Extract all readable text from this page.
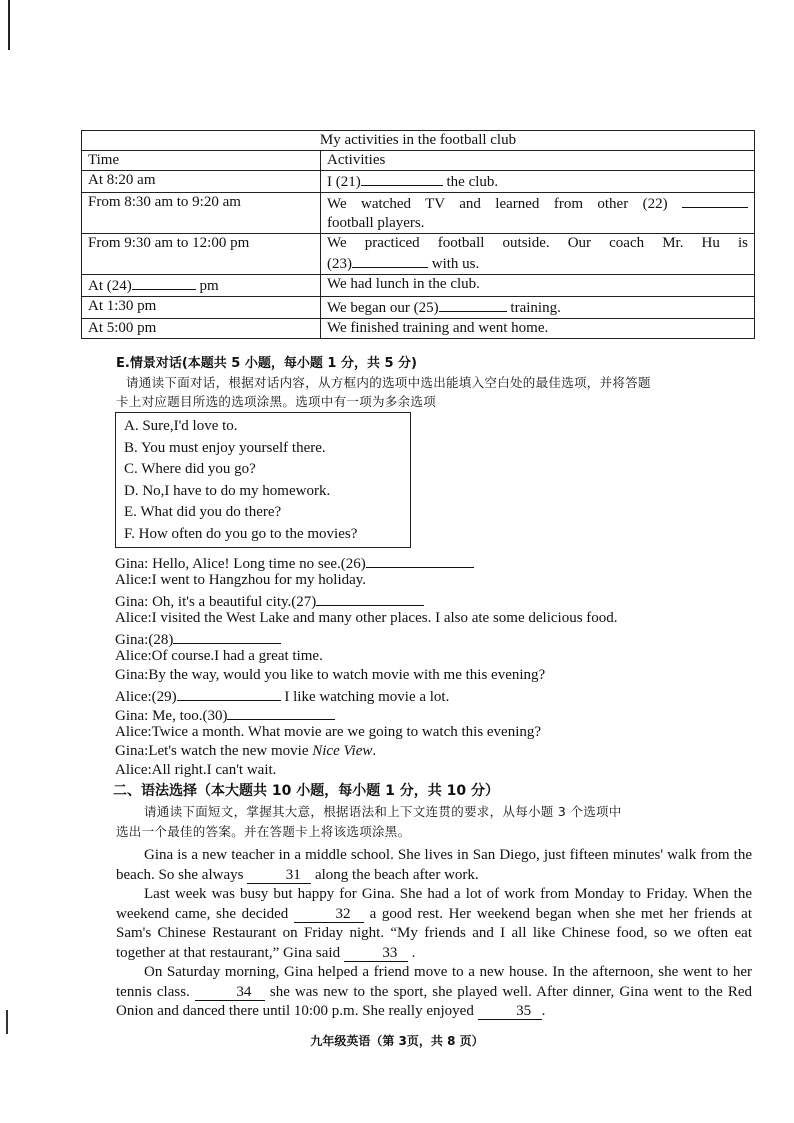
My activities in the football club	
Time	Activities
At 8:20 am	I (21) the club.
From 8:30 am to 9:20 am	We watched TV and learned from other (22)
football players.

From 9:30 am to 12:00 pm	We practiced football outside. Our coach Mr. Hu is
(23) with us.

At (24) pm	We had lunch in the club.
At 1:30 pm	We began our (25) training.
At 5:00 pm	We finished training and went home.
E.情景对话(本题共 5 小题，每小题 1 分，共 5 分)
请通读下面对话，根据对话内容，从方框内的选项中选出能填入空白处的最佳选项，并将答题
卡上对应题目所选的选项涂黑。选项中有一项为多余选项
A. Sure,I'd love to.
B. You must enjoy yourself there.
C. Where did you go?
D. No,I have to do my homework.
E. What did you do there?
F. How often do you go to the movies?
Gina: Hello, Alice! Long time no see.(26)
Alice:I went to Hangzhou for my holiday.
Gina: Oh, it's a beautiful city.(27)
Alice:I visited the West Lake and many other places. I also ate some delicious food.
Gina:(28)
Alice:Of course.I had a great time.
Gina:By the way, would you like to watch movie with me this evening?
Alice:(29)	I like watching movie a lot.
Gina: Me, too.(30)
Alice:Twice a month. What movie are we going to watch this evening?
Gina:Let's watch the new movie Nice View.
Alice:All right.I can't wait.
二、语法选择（本大题共 10 小题，每小题 1 分，共 10 分）
请通读下面短文，掌握其大意，根据语法和上下文连贯的要求，从每小题 3 个选项中
选出一个最佳的答案。并在答题卡上将该选项涂黑。
Gina is a new teacher in a middle school. She lives in San Diego, just fifteen minutes' walk from the beach. So she always	31 along the beach after work.
Last week was busy but happy for Gina. She had a lot of work from Monday to Friday. When the weekend came, she decided	32 a good rest. Her weekend began when she met her friends at Sam's Chinese Restaurant on Friday night. “My friends and I all like Chinese food, so we often eat together at that restaurant,” Gina said	33 .
On Saturday morning, Gina helped a friend move to a new house. In the afternoon, she went to her tennis class.	34 she was new to the sport, she played well. After dinner, Gina went to the Red Onion and danced there until 10:00 p.m. She really enjoyed	35 .
九年级英语（第 3页，共 8 页）
